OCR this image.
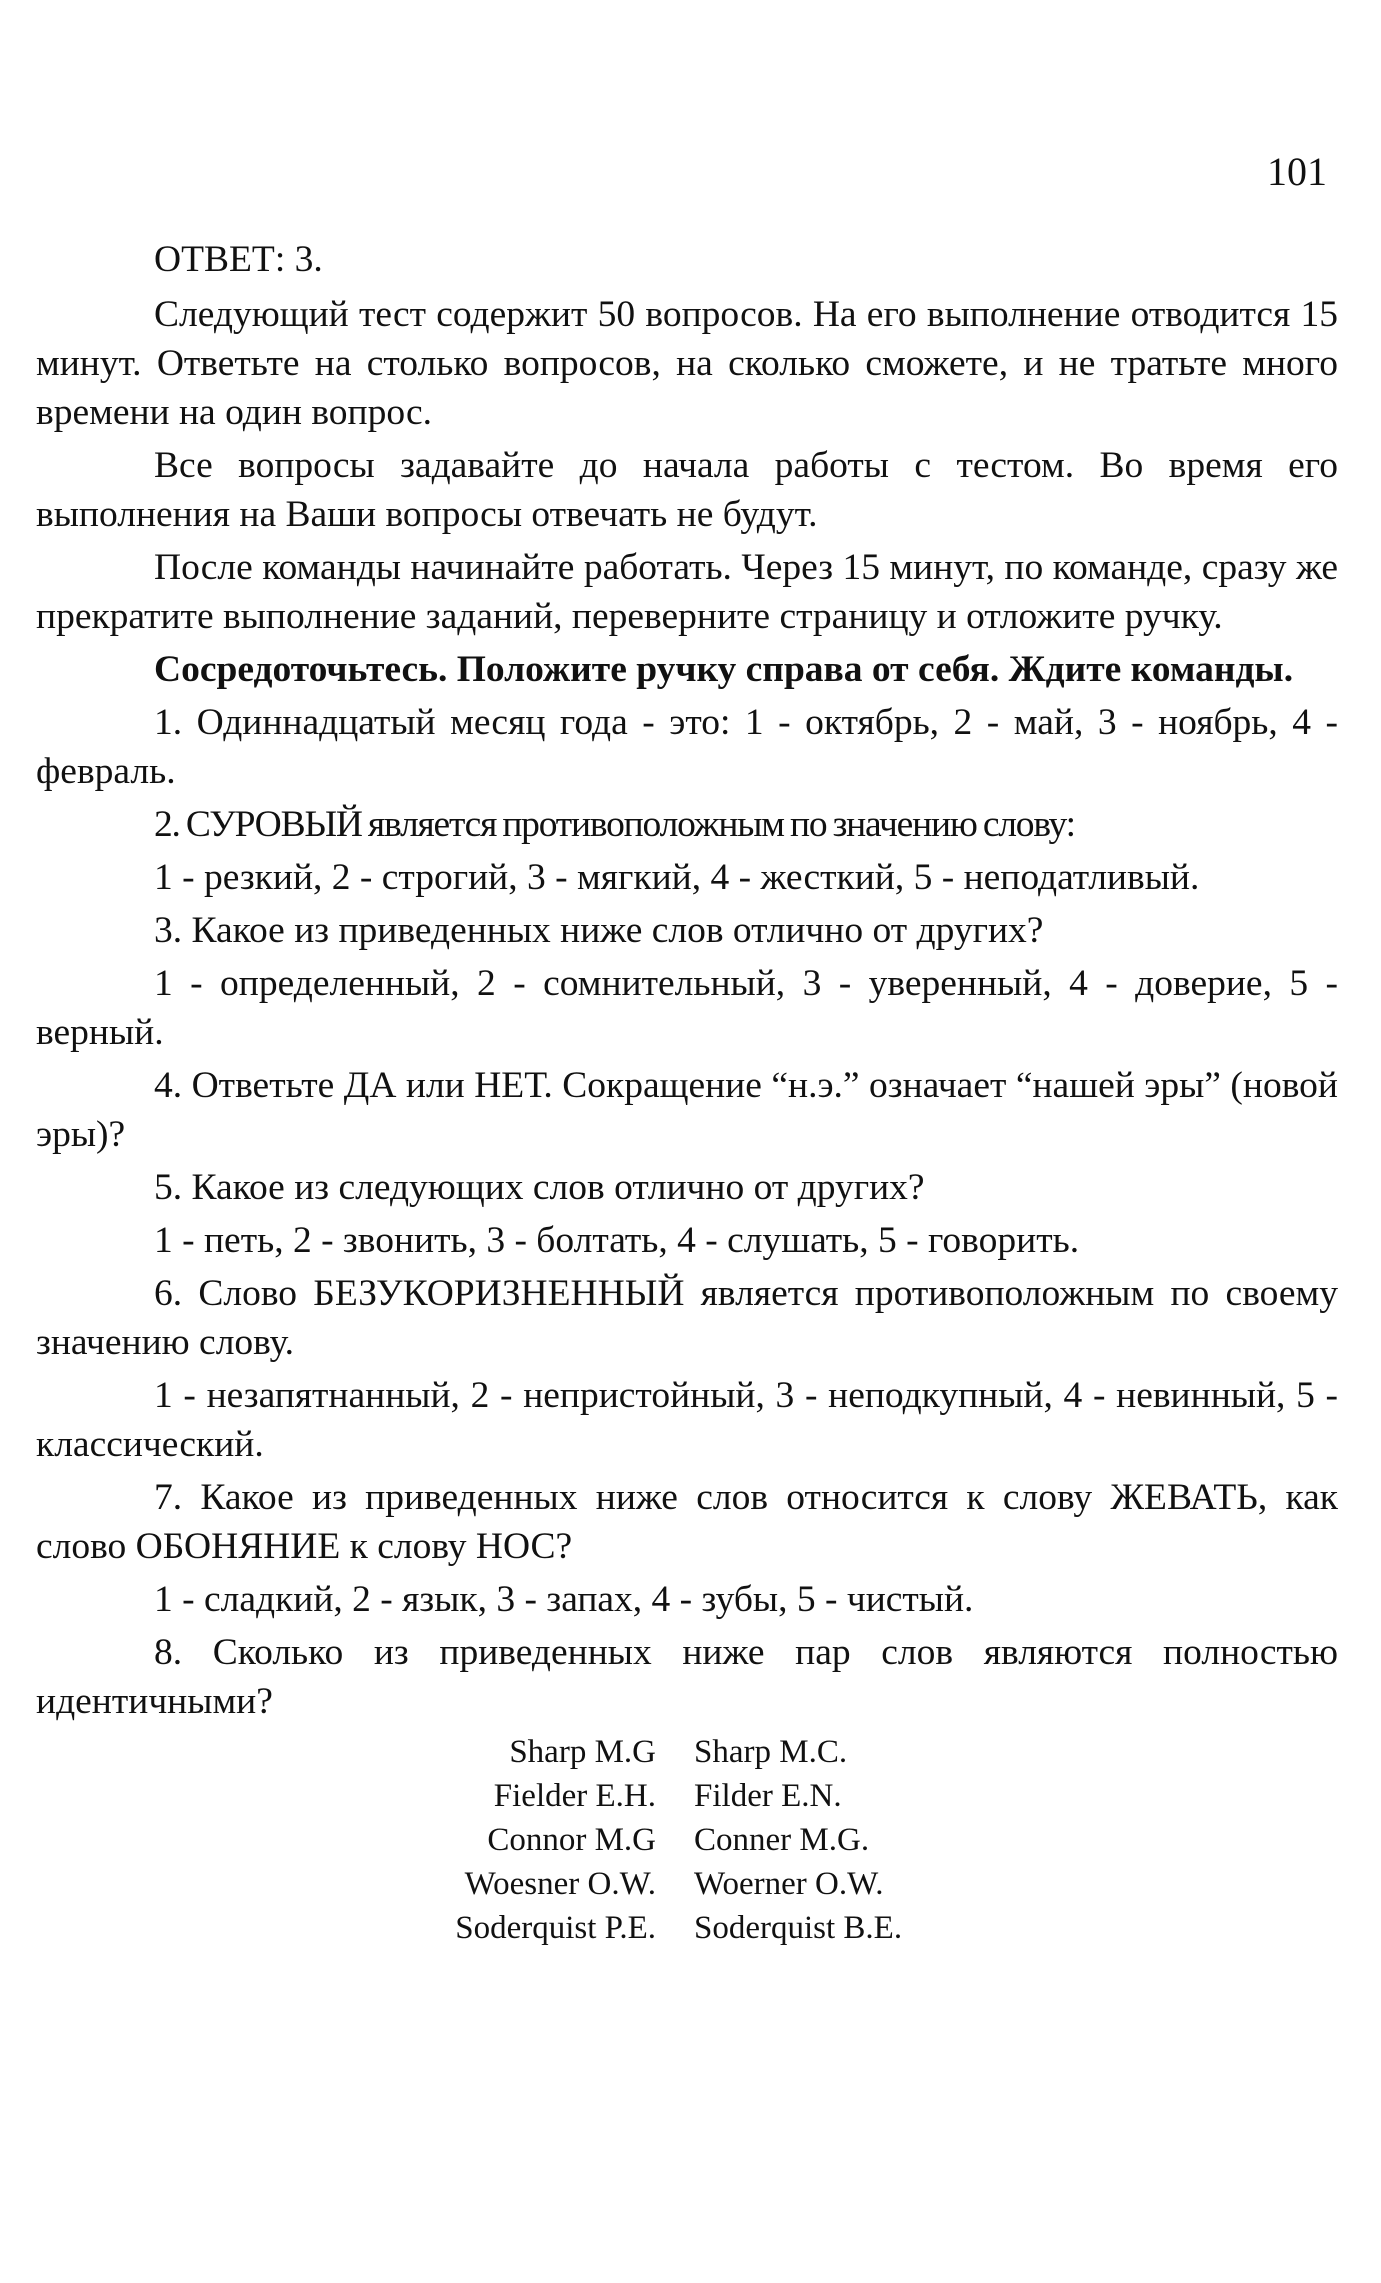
101

ОТВЕТ: 3.

Следующий тест содержит 50 вопросов. На его выполнение отводится 15 минут. Ответьте на столько вопросов, на сколько сможете, и не тратьте много времени на один вопрос.

Все вопросы задавайте до начала работы с тестом. Во время его выполнения на Ваши вопросы отвечать не будут.

После команды начинайте работать. Через 15 минут, по команде, сразу же прекратите выполнение заданий, переверните страницу и отложите ручку.

Сосредоточьтесь. Положите ручку справа от себя. Ждите команды.

1. Одиннадцатый месяц года - это: 1 - октябрь, 2 - май, 3 - ноябрь, 4 - февраль.

2. СУРОВЫЙ является противоположным по значению слову:

1 - резкий, 2 - строгий, 3 - мягкий, 4 - жесткий, 5 - неподатливый.

3. Какое из приведенных ниже слов отлично от других?

1 - определенный, 2 - сомнительный, 3 - уверенный, 4 - доверие, 5 - верный.

4. Ответьте ДА или НЕТ. Сокращение “н.э.” означает “нашей эры” (новой эры)?

5. Какое из следующих слов отлично от других?

1 - петь, 2 - звонить, 3 - болтать, 4 - слушать, 5 - говорить.

6. Слово БЕЗУКОРИЗНЕННЫЙ является противоположным по своему значению слову.

1 - незапятнанный, 2 - непристойный, 3 - неподкупный, 4 - невинный, 5 - классический.

7. Какое из приведенных ниже слов относится к слову ЖЕВАТЬ, как слово ОБОНЯНИЕ к слову НОС?

1 - сладкий, 2 - язык, 3 - запах, 4 - зубы, 5 - чистый.

8. Сколько из приведенных ниже пар слов являются полностью идентичными?

Sharp M.G Sharp M.C.
Fielder E.H. Filder E.N.
Connor M.G Conner M.G.
Woesner O.W. Woerner O.W.
Soderquist P.E. Soderquist B.E.
